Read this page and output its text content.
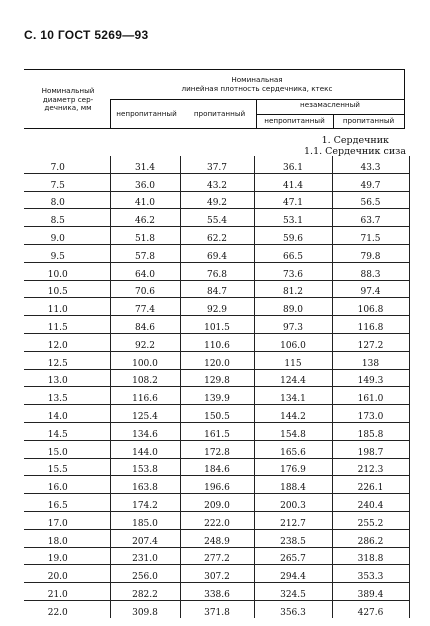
С. 10 ГОСТ 5269—93
Номинальный
диаметр сер-
дечника, мм
Номинальная
линейная плотность сердечника, ктекс
непропитанный	пропитанный
незамасленный
непропитанный	пропитанный
1. Сердечник
1.1. Сердечник сиза
7.0	31.4	37.7	36.1	43.3
7.5	36.0	43.2	41.4	49.7
8.0	41.0	49.2	47.1	56.5
8.5	46.2	55.4	53.1	63.7
9.0	51.8	62.2	59.6	71.5
9.5	57.8	69.4	66.5	79.8
10.0	64.0	76.8	73.6	88.3
10.5	70.6	84.7	81.2	97.4
11.0	77.4	92.9	89.0	106.8
11.5	84.6	101.5	97.3	116.8
12.0	92.2	110.6	106.0	127.2
12.5	100.0	120.0	115	138
13.0	108.2	129.8	124.4	149.3
13.5	116.6	139.9	134.1	161.0
14.0	125.4	150.5	144.2	173.0
14.5	134.6	161.5	154.8	185.8
15.0	144.0	172.8	165.6	198.7
15.5	153.8	184.6	176.9	212.3
16.0	163.8	196.6	188.4	226.1
16.5	174.2	209.0	200.3	240.4
17.0	185.0	222.0	212.7	255.2
18.0	207.4	248.9	238.5	286.2
19.0	231.0	277.2	265.7	318.8
20.0	256.0	307.2	294.4	353.3
21.0	282.2	338.6	324.5	389.4
22.0	309.8	371.8	356.3	427.6
